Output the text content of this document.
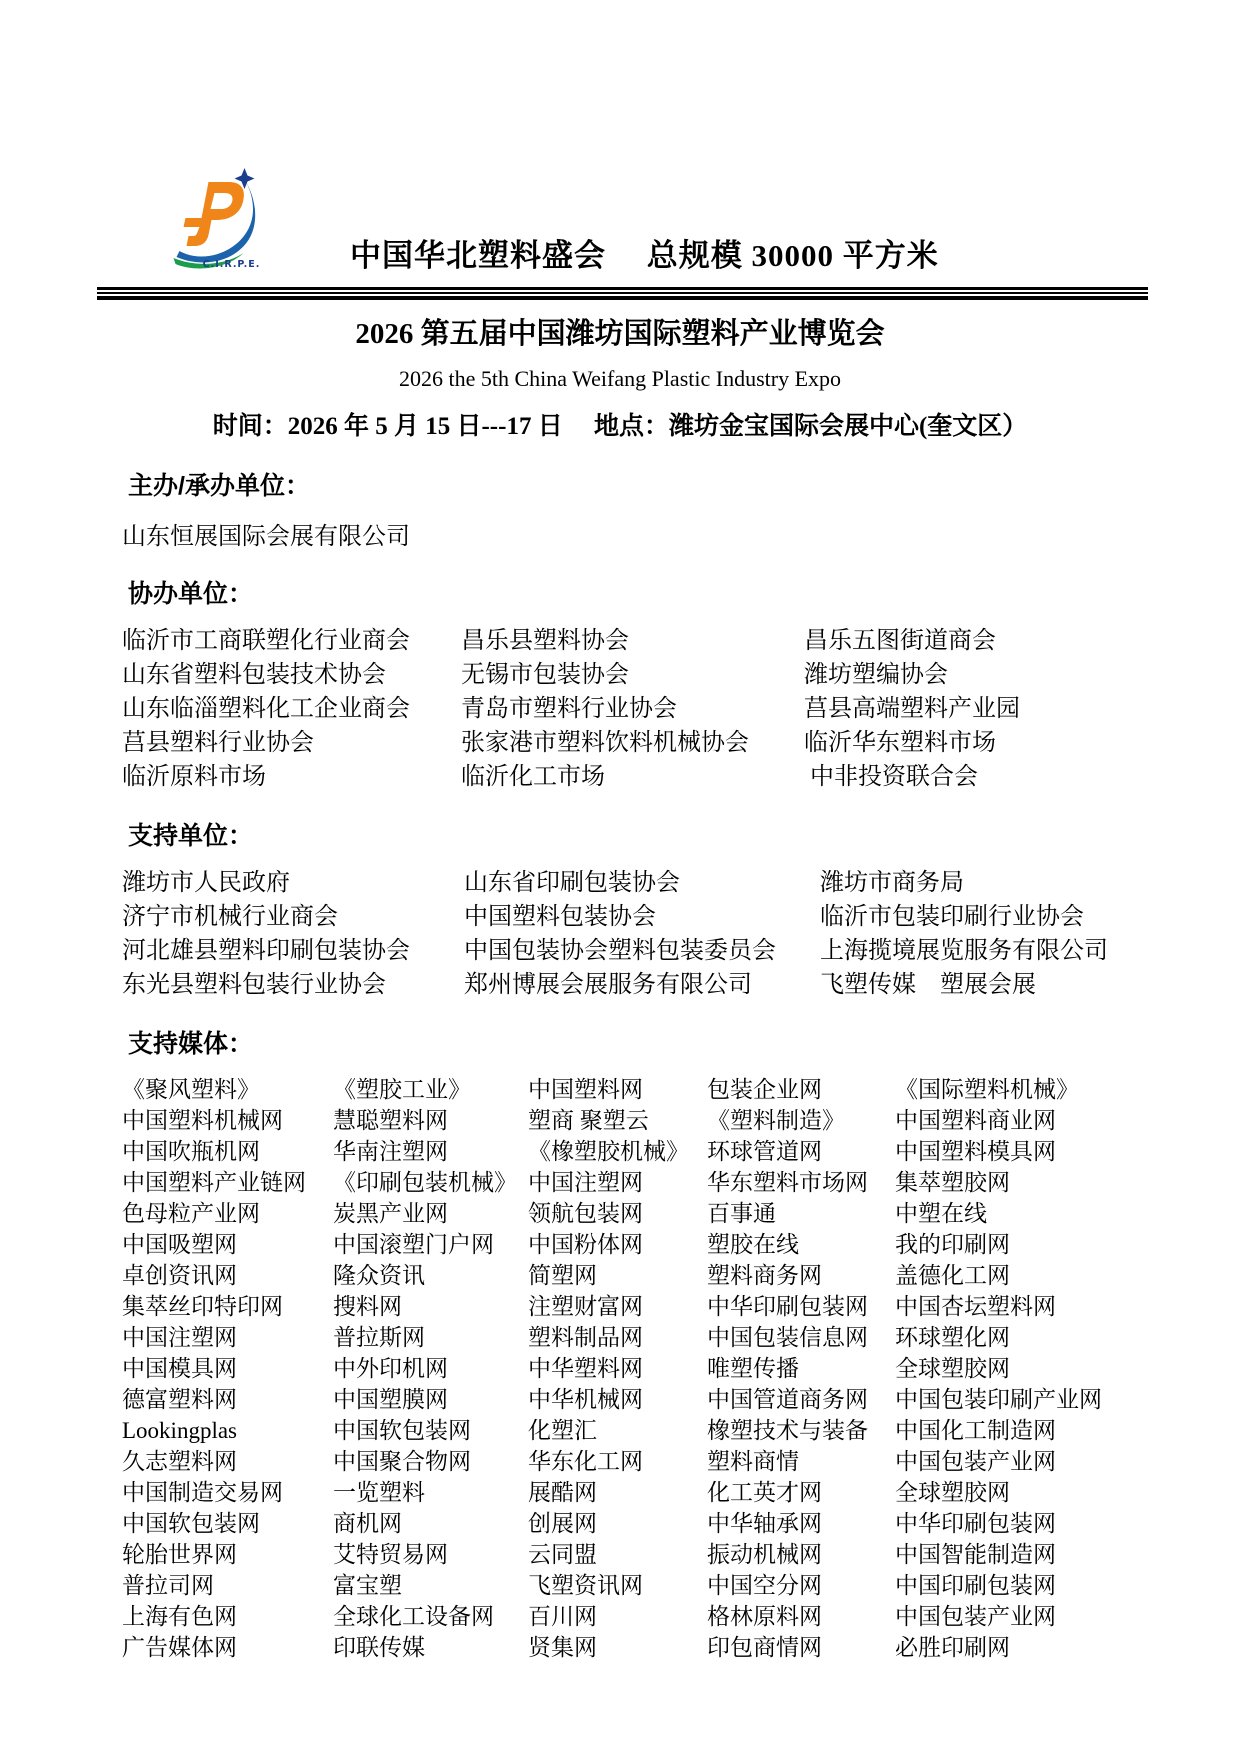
C.I.R.P.E.	中国华北塑料盛会　 总规模 30000 平方米
2026 第五届中国潍坊国际塑料产业博览会
2026 the 5th China Weifang Plastic Industry Expo
时间：2026 年 5 月 15 日---17 日　 地点：潍坊金宝国际会展中心(奎文区）
主办/承办单位：
山东恒展国际会展有限公司
协办单位：
临沂市工商联塑化行业商会	昌乐县塑料协会	昌乐五图街道商会
山东省塑料包装技术协会	无锡市包装协会	潍坊塑编协会
山东临淄塑料化工企业商会	青岛市塑料行业协会	莒县高端塑料产业园
莒县塑料行业协会	张家港市塑料饮料机械协会	临沂华东塑料市场
临沂原料市场	临沂化工市场	中非投资联合会
支持单位：
潍坊市人民政府	山东省印刷包装协会	潍坊市商务局
济宁市机械行业商会	中国塑料包装协会	临沂市包装印刷行业协会
河北雄县塑料印刷包装协会	中国包装协会塑料包装委员会	上海揽境展览服务有限公司
东光县塑料包装行业协会	郑州博展会展服务有限公司	飞塑传媒　塑展会展
支持媒体：
《聚风塑料》	《塑胶工业》	中国塑料网	包装企业网	《国际塑料机械》
中国塑料机械网	慧聪塑料网	塑商 聚塑云	《塑料制造》	中国塑料商业网
中国吹瓶机网	华南注塑网	《橡塑胶机械》 环球管道网	中国塑料模具网
中国塑料产业链网	《印刷包装机械》 中国注塑网	华东塑料市场网	集萃塑胶网
色母粒产业网	炭黑产业网	领航包装网	百事通	中塑在线
中国吸塑网	中国滚塑门户网	中国粉体网	塑胶在线	我的印刷网
卓创资讯网	隆众资讯	简塑网	塑料商务网	盖德化工网
集萃丝印特印网	搜料网	注塑财富网	中华印刷包装网	中国杏坛塑料网
中国注塑网	普拉斯网	塑料制品网	中国包装信息网	环球塑化网
中国模具网	中外印机网	中华塑料网	唯塑传播	全球塑胶网
德富塑料网	中国塑膜网	中华机械网	中国管道商务网	中国包装印刷产业网
Lookingplas	中国软包装网	化塑汇	橡塑技术与装备	中国化工制造网
久志塑料网	中国聚合物网	华东化工网	塑料商情	中国包装产业网
中国制造交易网	一览塑料	展酷网	化工英才网	全球塑胶网
中国软包装网	商机网	创展网	中华轴承网	中华印刷包装网
轮胎世界网	艾特贸易网	云同盟	振动机械网	中国智能制造网
普拉司网	富宝塑	飞塑资讯网	中国空分网	中国印刷包装网
上海有色网	全球化工设备网	百川网	格林原料网	中国包装产业网
广告媒体网	印联传媒	贤集网	印包商情网	必胜印刷网
